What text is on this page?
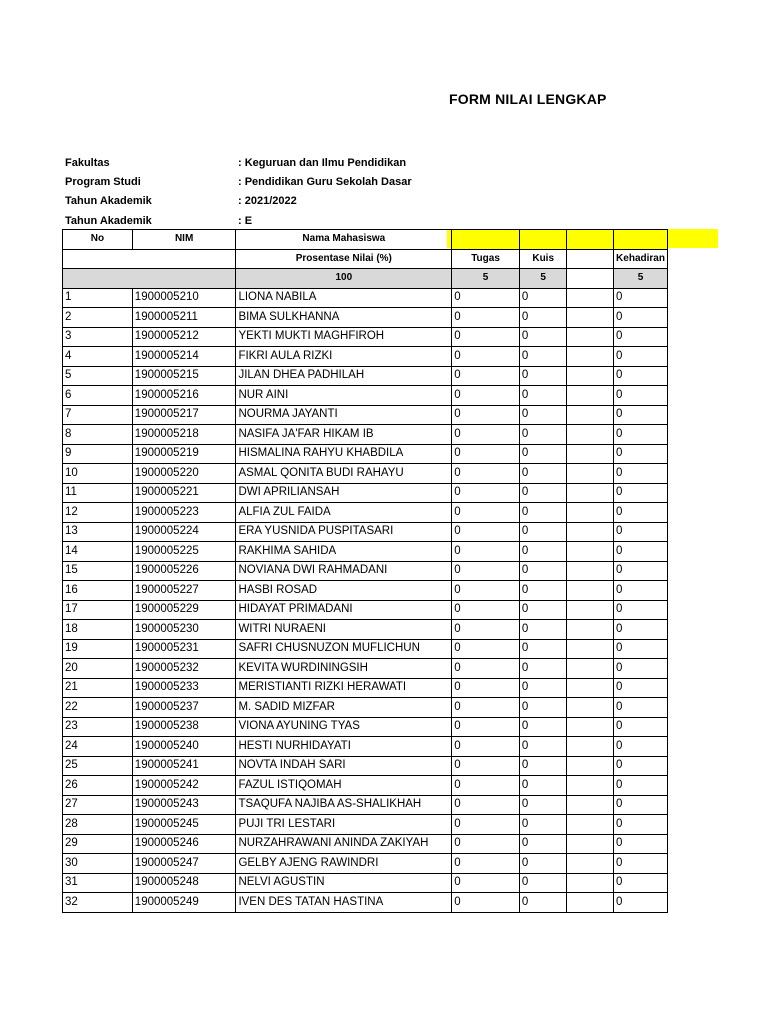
FORM NILAI LENGKAP
Fakultas	: Keguruan dan Ilmu Pendidikan
Program Studi	: Pendidikan Guru Sekolah Dasar
Tahun Akademik	: 2021/2022
Tahun Akademik	: E
No	NIM	Nama Mahasiswa				
		Prosentase Nilai (%)	Tugas	Kuis		Kehadiran
		100	5	5		5
1	1900005210	LIONA NABILA	0	0		0
2	1900005211	BIMA SULKHANNA	0	0		0
3	1900005212	YEKTI MUKTI MAGHFIROH	0	0		0
4	1900005214	FIKRI AULA RIZKI	0	0		0
5	1900005215	JILAN DHEA PADHILAH	0	0		0
6	1900005216	NUR AINI	0	0		0
7	1900005217	NOURMA JAYANTI	0	0		0
8	1900005218	NASIFA JA'FAR HIKAM IB	0	0		0
9	1900005219	HISMALINA RAHYU KHABDILA	0	0		0
10	1900005220	ASMAL QONITA BUDI RAHAYU	0	0		0
11	1900005221	DWI APRILIANSAH	0	0		0
12	1900005223	ALFIA ZUL FAIDA	0	0		0
13	1900005224	ERA YUSNIDA PUSPITASARI	0	0		0
14	1900005225	RAKHIMA SAHIDA	0	0		0
15	1900005226	NOVIANA DWI RAHMADANI	0	0		0
16	1900005227	HASBI ROSAD	0	0		0
17	1900005229	HIDAYAT PRIMADANI	0	0		0
18	1900005230	WITRI NURAENI	0	0		0
19	1900005231	SAFRI CHUSNUZON MUFLICHUN	0	0		0
20	1900005232	KEVITA WURDININGSIH	0	0		0
21	1900005233	MERISTIANTI RIZKI HERAWATI	0	0		0
22	1900005237	M. SADID MIZFAR	0	0		0
23	1900005238	VIONA AYUNING TYAS	0	0		0
24	1900005240	HESTI NURHIDAYATI	0	0		0
25	1900005241	NOVTA INDAH SARI	0	0		0
26	1900005242	FAZUL ISTIQOMAH	0	0		0
27	1900005243	TSAQUFA NAJIBA AS-SHALIKHAH	0	0		0
28	1900005245	PUJI TRI LESTARI	0	0		0
29	1900005246	NURZAHRAWANI ANINDA ZAKIYAH	0	0		0
30	1900005247	GELBY AJENG RAWINDRI	0	0		0
31	1900005248	NELVI AGUSTIN	0	0		0
32	1900005249	IVEN DES TATAN HASTINA	0	0		0
